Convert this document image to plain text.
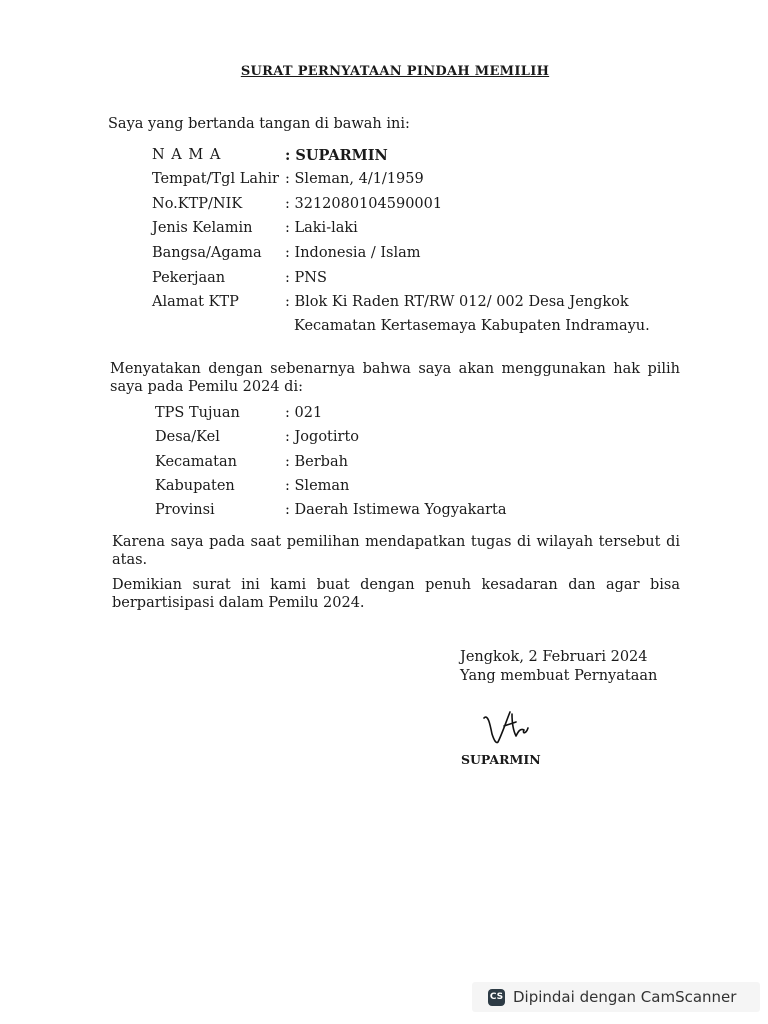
SURAT PERNYATAAN PINDAH MEMILIH
Saya yang bertanda tangan di bawah ini:
N A M A	: SUPARMIN
Tempat/Tgl Lahir : Sleman, 4/1/1959
No.KTP/NIK	: 3212080104590001
Jenis Kelamin : Laki-laki
Bangsa/Agama : Indonesia / Islam
Pekerjaan	: PNS
Alamat KTP	: Blok Ki Raden RT/RW 012/ 002 Desa Jengkok
Kecamatan Kertasemaya Kabupaten Indramayu.
Menyatakan dengan sebenarnya bahwa saya akan menggunakan hak pilih saya pada Pemilu 2024 di:
TPS Tujuan	: 021
Desa/Kel	: Jogotirto
Kecamatan	: Berbah
Kabupaten	: Sleman
Provinsi	: Daerah Istimewa Yogyakarta
Karena saya pada saat pemilihan mendapatkan tugas di wilayah tersebut di atas.
Demikian surat ini kami buat dengan penuh kesadaran dan agar bisa berpartisipasi dalam Pemilu 2024.
Jengkok, 2 Februari 2024
Yang membuat Pernyataan
SUPARMIN
CS Dipindai dengan CamScanner
